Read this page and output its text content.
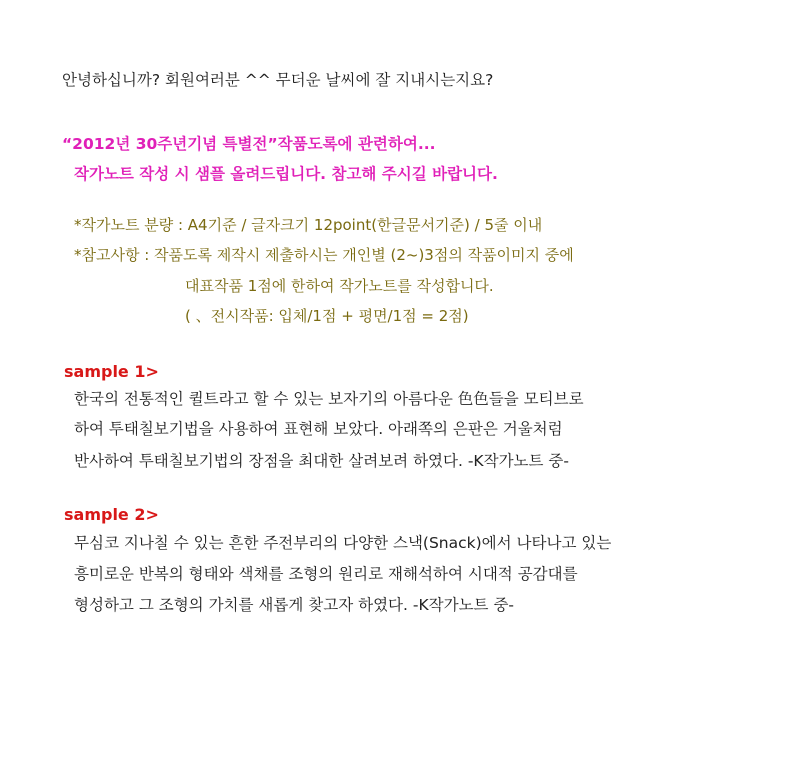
안녕하십니까? 회원여러분 ^^ 무더운 날씨에 잘 지내시는지요?
“2012년 30주년기념 특별전”작품도록에 관련하여...
작가노트 작성 시 샘플 올려드립니다. 참고해 주시길 바랍니다.
*작가노트 분량 : A4기준 / 글자크기 12point(한글문서기준) / 5줄 이내
*참고사항 : 작품도록 제작시 제출하시는 개인별 (2~)3점의 작품이미지 중에
대표작품 1점에 한하여 작가노트를 작성합니다.
( 、전시작품: 입체/1점 + 평면/1점 = 2점)
sample 1>
한국의 전통적인 퀼트라고 할 수 있는 보자기의 아름다운 色色들을 모티브로
하여 투태칠보기법을 사용하여 표현해 보았다. 아래쪽의 은판은 거울처럼
반사하여 투태칠보기법의 장점을 최대한 살려보려 하였다. -K작가노트 중-
sample 2>
무심코 지나칠 수 있는 흔한 주전부리의 다양한 스낵(Snack)에서 나타나고 있는
흥미로운 반복의 형태와 색채를 조형의 원리로 재해석하여 시대적 공감대를
형성하고 그 조형의 가치를 새롭게 찾고자 하였다. -K작가노트 중-
